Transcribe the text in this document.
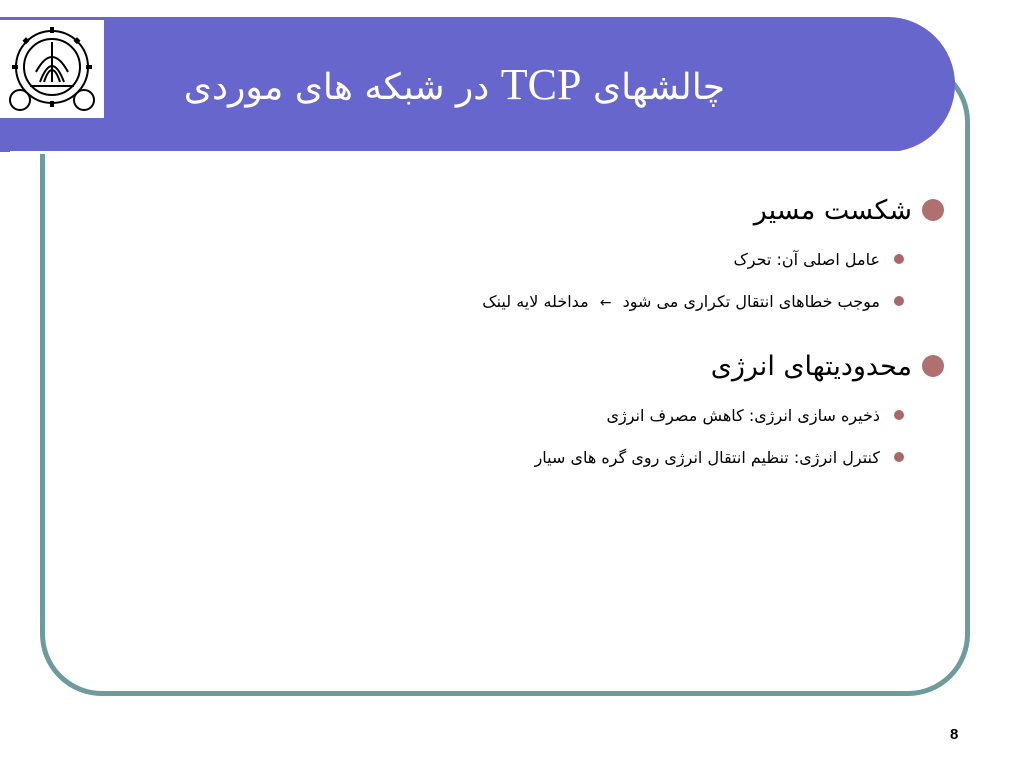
چالشهای TCP در شبکه های موردی
شکست مسیر
عامل اصلی آن: تحرک
موجب خطاهای انتقال تکراری می شود ← مداخله لایه لینک
محدودیتهای انرژی
ذخیره سازی انرژی: کاهش مصرف انرژی
کنترل انرژی: تنظیم انتقال انرژی روی گره های سیار
8
